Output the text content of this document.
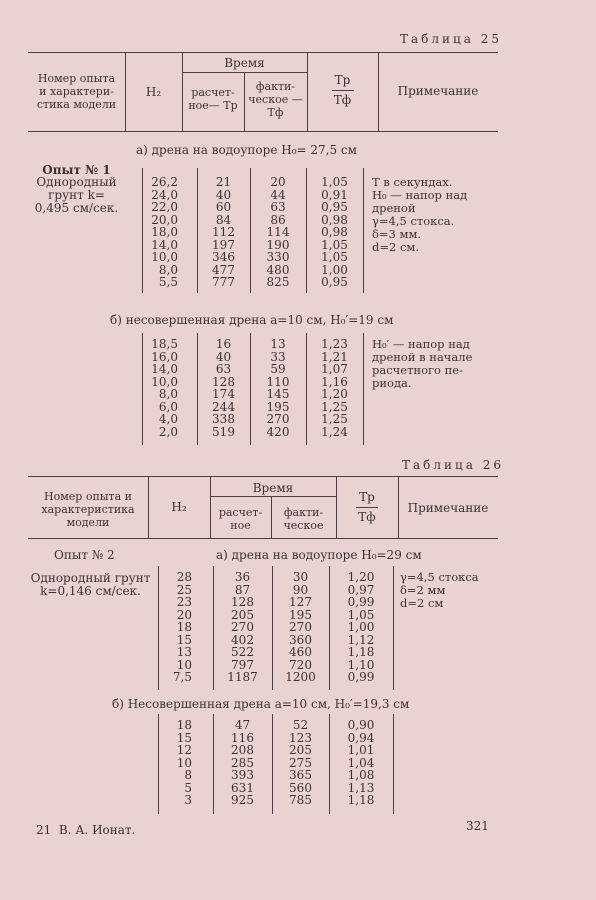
Таблица 25
Номер опыта
и характери-
стика модели
H₂
Время
расчет-
ное— Tр
факти-
ческое —
Tф
Tр
Tф
Примечание
а) дрена на водоупоре H₀= 27,5 см
Опыт № 1
Однородный
грунт k=
0,495 см/сек.
26,2
24,0
22,0
20,0
18,0
14,0
10,0
8,0
5,5
21
40
60
84
112
197
346
477
777
20
44
63
86
114
190
330
480
825
1,05
0,91
0,95
0,98
0,98
1,05
1,05
1,00
0,95
T в секундах.
H₀ — напор над
дреной
γ=4,5 стокса.
δ=3 мм.
d=2 см.
б) несовершенная дрена a=10 см, H₀′=19 см
18,5
16,0
14,0
10,0
8,0
6,0
4,0
2,0
16
40
63
128
174
244
338
519
13
33
59
110
145
195
270
420
1,23
1,21
1,07
1,16
1,20
1,25
1,25
1,24
H₀′ — напор над
дреной в начале
расчетного пе-
риода.
Таблица 26
Номер опыта и
характеристика
модели
H₂
Время
расчет-
ное
факти-
ческое
Tр
Tф
Примечание
Опыт № 2	а) дрена на водоупоре H₀=29 см
Однородный грунт
k=0,146 см/сек.
28
25
23
20
18
15
13
10
7,5
36
87
128
205
270
402
522
797
1187
30
90
127
195
270
360
460
720
1200
1,20
0,97
0,99
1,05
1,00
1,12
1,18
1,10
0,99
γ=4,5 стокса
δ=2 мм
d=2 см
б) Несовершенная дрена a=10 см, H₀′=19,3 см
18
15
12
10
8
5
3
47
116
208
285
393
631
925
52
123
205
275
365
560
785
0,90
0,94
1,01
1,04
1,08
1,13
1,18
21  В. А. Ионат.	321
